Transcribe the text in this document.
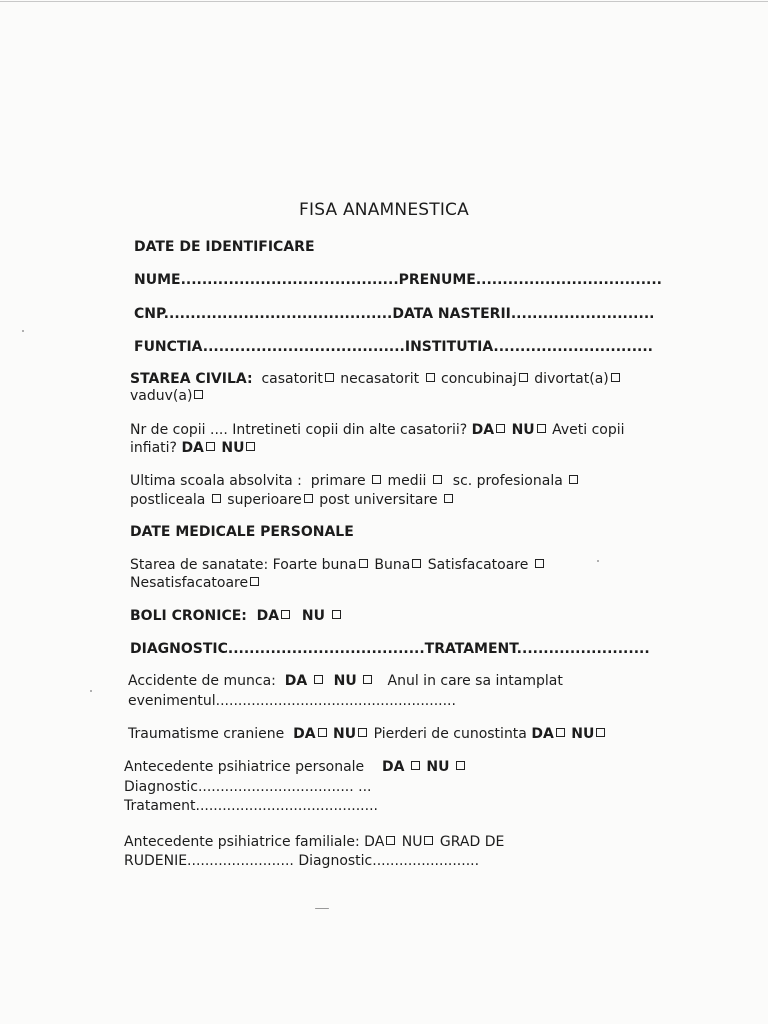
FISA ANAMNESTICA
DATE DE IDENTIFICARE
NUME.........................................PRENUME...................................
CNP...........................................DATA NASTERII...........................
FUNCTIA......................................INSTITUTIA..............................
STAREA CIVILA: casatorit necasatorit concubinaj divortat(a)
vaduv(a)
Nr de copii .... Intretineti copii din alte casatorii? DA NU Aveti copii
infiati? DA NU
Ultima scoala absolvita : primare medii sc. profesionala
postliceala superioare post universitare
DATE MEDICALE PERSONALE
Starea de sanatate: Foarte buna Buna Satisfacatoare
Nesatisfacatoare
BOLI CRONICE: DA NU
DIAGNOSTIC.....................................TRATAMENT.........................
Accidente de munca: DA NU Anul in care sa intamplat
evenimentul......................................................
Traumatisme craniene DA NU Pierderi de cunostinta DA NU
Antecedente psihiatrice personale DA NU
Diagnostic................................... ...
Tratament.........................................
Antecedente psihiatrice familiale: DA NU GRAD DE
RUDENIE........................ Diagnostic........................
